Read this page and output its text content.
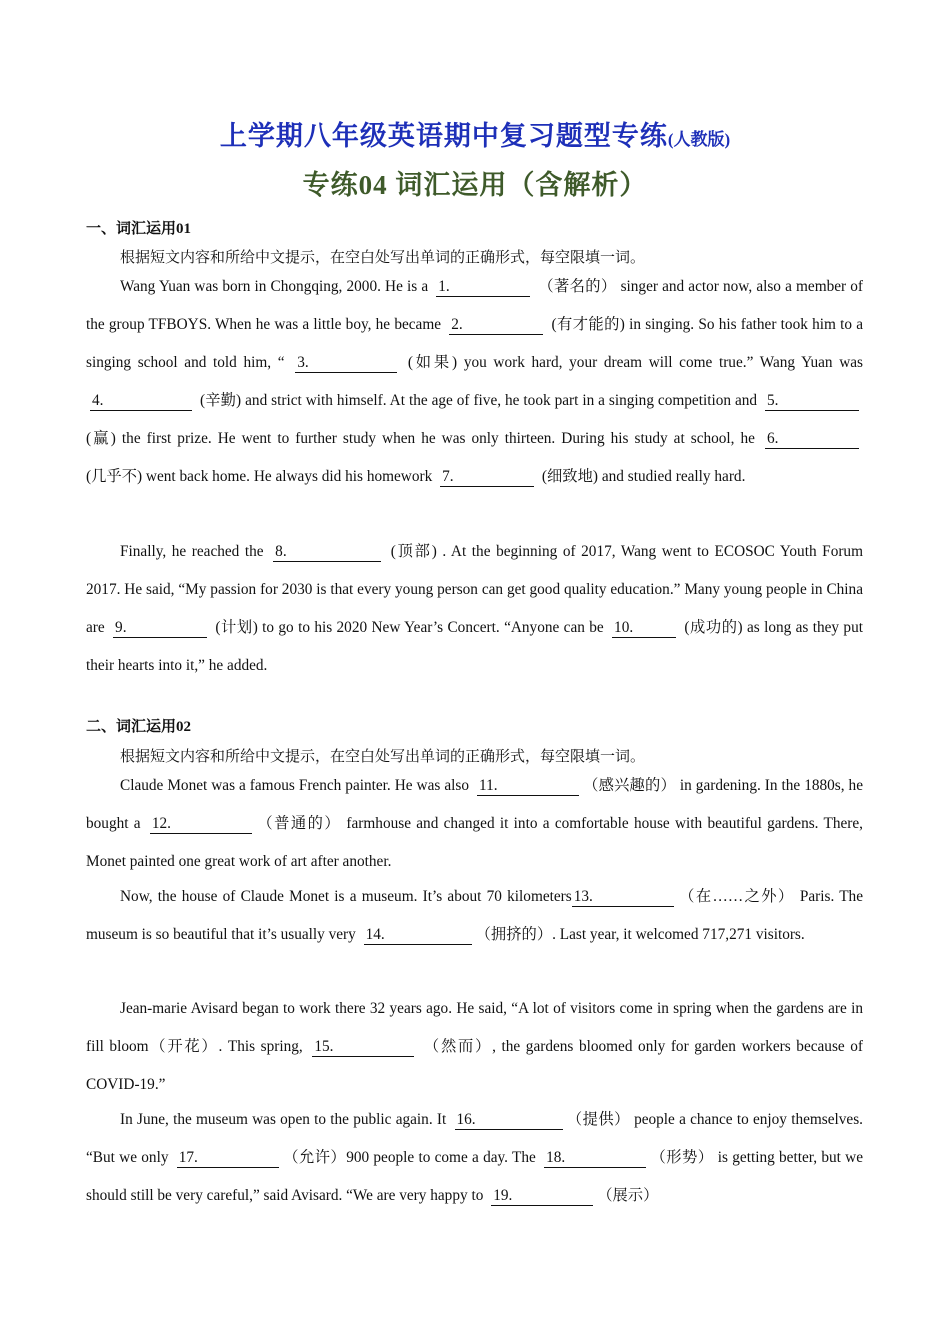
上学期八年级英语期中复习题型专练(人教版)
专练04 词汇运用（含解析）
一、词汇运用01
根据短文内容和所给中文提示，在空白处写出单词的正确形式，每空限填一词。
Wang Yuan was born in Chongqing, 2000. He is a 1.	（著名的） singer and actor now, also a member of the group TFBOYS. When he was a little boy, he became 2.	(有才能的) in singing. So his father took him to a singing school and told him, “ 3.	(如果) you work hard, your dream will come true.” Wang Yuan was 4.	(辛勤) and strict with himself. At the age of five, he took part in a singing competition and 5. (赢) the first prize. He went to further study when he was only thirteen. During his study at school, he 6. (几乎不) went back home. He always did his homework 7.	(细致地) and studied really hard.
Finally, he reached the 8.	(顶部) . At the beginning of 2017, Wang went to ECOSOC Youth Forum 2017. He said, “My passion for 2030 is that every young person can get good quality education.” Many young people in China are 9.	(计划) to go to his 2020 New Year’s Concert. “Anyone can be 10.	(成功的) as long as they put their hearts into it,” he added.
二、词汇运用02
根据短文内容和所给中文提示，在空白处写出单词的正确形式，每空限填一词。
Claude Monet was a famous French painter. He was also 11.	（感兴趣的） in gardening. In the 1880s, he bought a 12.	（普通的） farmhouse and changed it into a comfortable house with beautiful gardens. There, Monet painted one great work of art after another.
Now, the house of Claude Monet is a museum. It’s about 70 kilometers 13.	（在……之外） Paris. The museum is so beautiful that it’s usually very 14.	（拥挤的）. Last year, it welcomed 717,271 visitors.
Jean-marie Avisard began to work there 32 years ago. He said, “A lot of visitors come in spring when the gardens are in fill bloom（开花）. This spring, 15.	（然而）, the gardens bloomed only for garden workers because of COVID-19.”
In June, the museum was open to the public again. It 16.	（提供） people a chance to enjoy themselves. “But we only 17.	（允许）900 people to come a day. The 18.	（形势） is getting better, but we should still be very careful,” said Avisard. “We are very happy to 19.	（展示）
